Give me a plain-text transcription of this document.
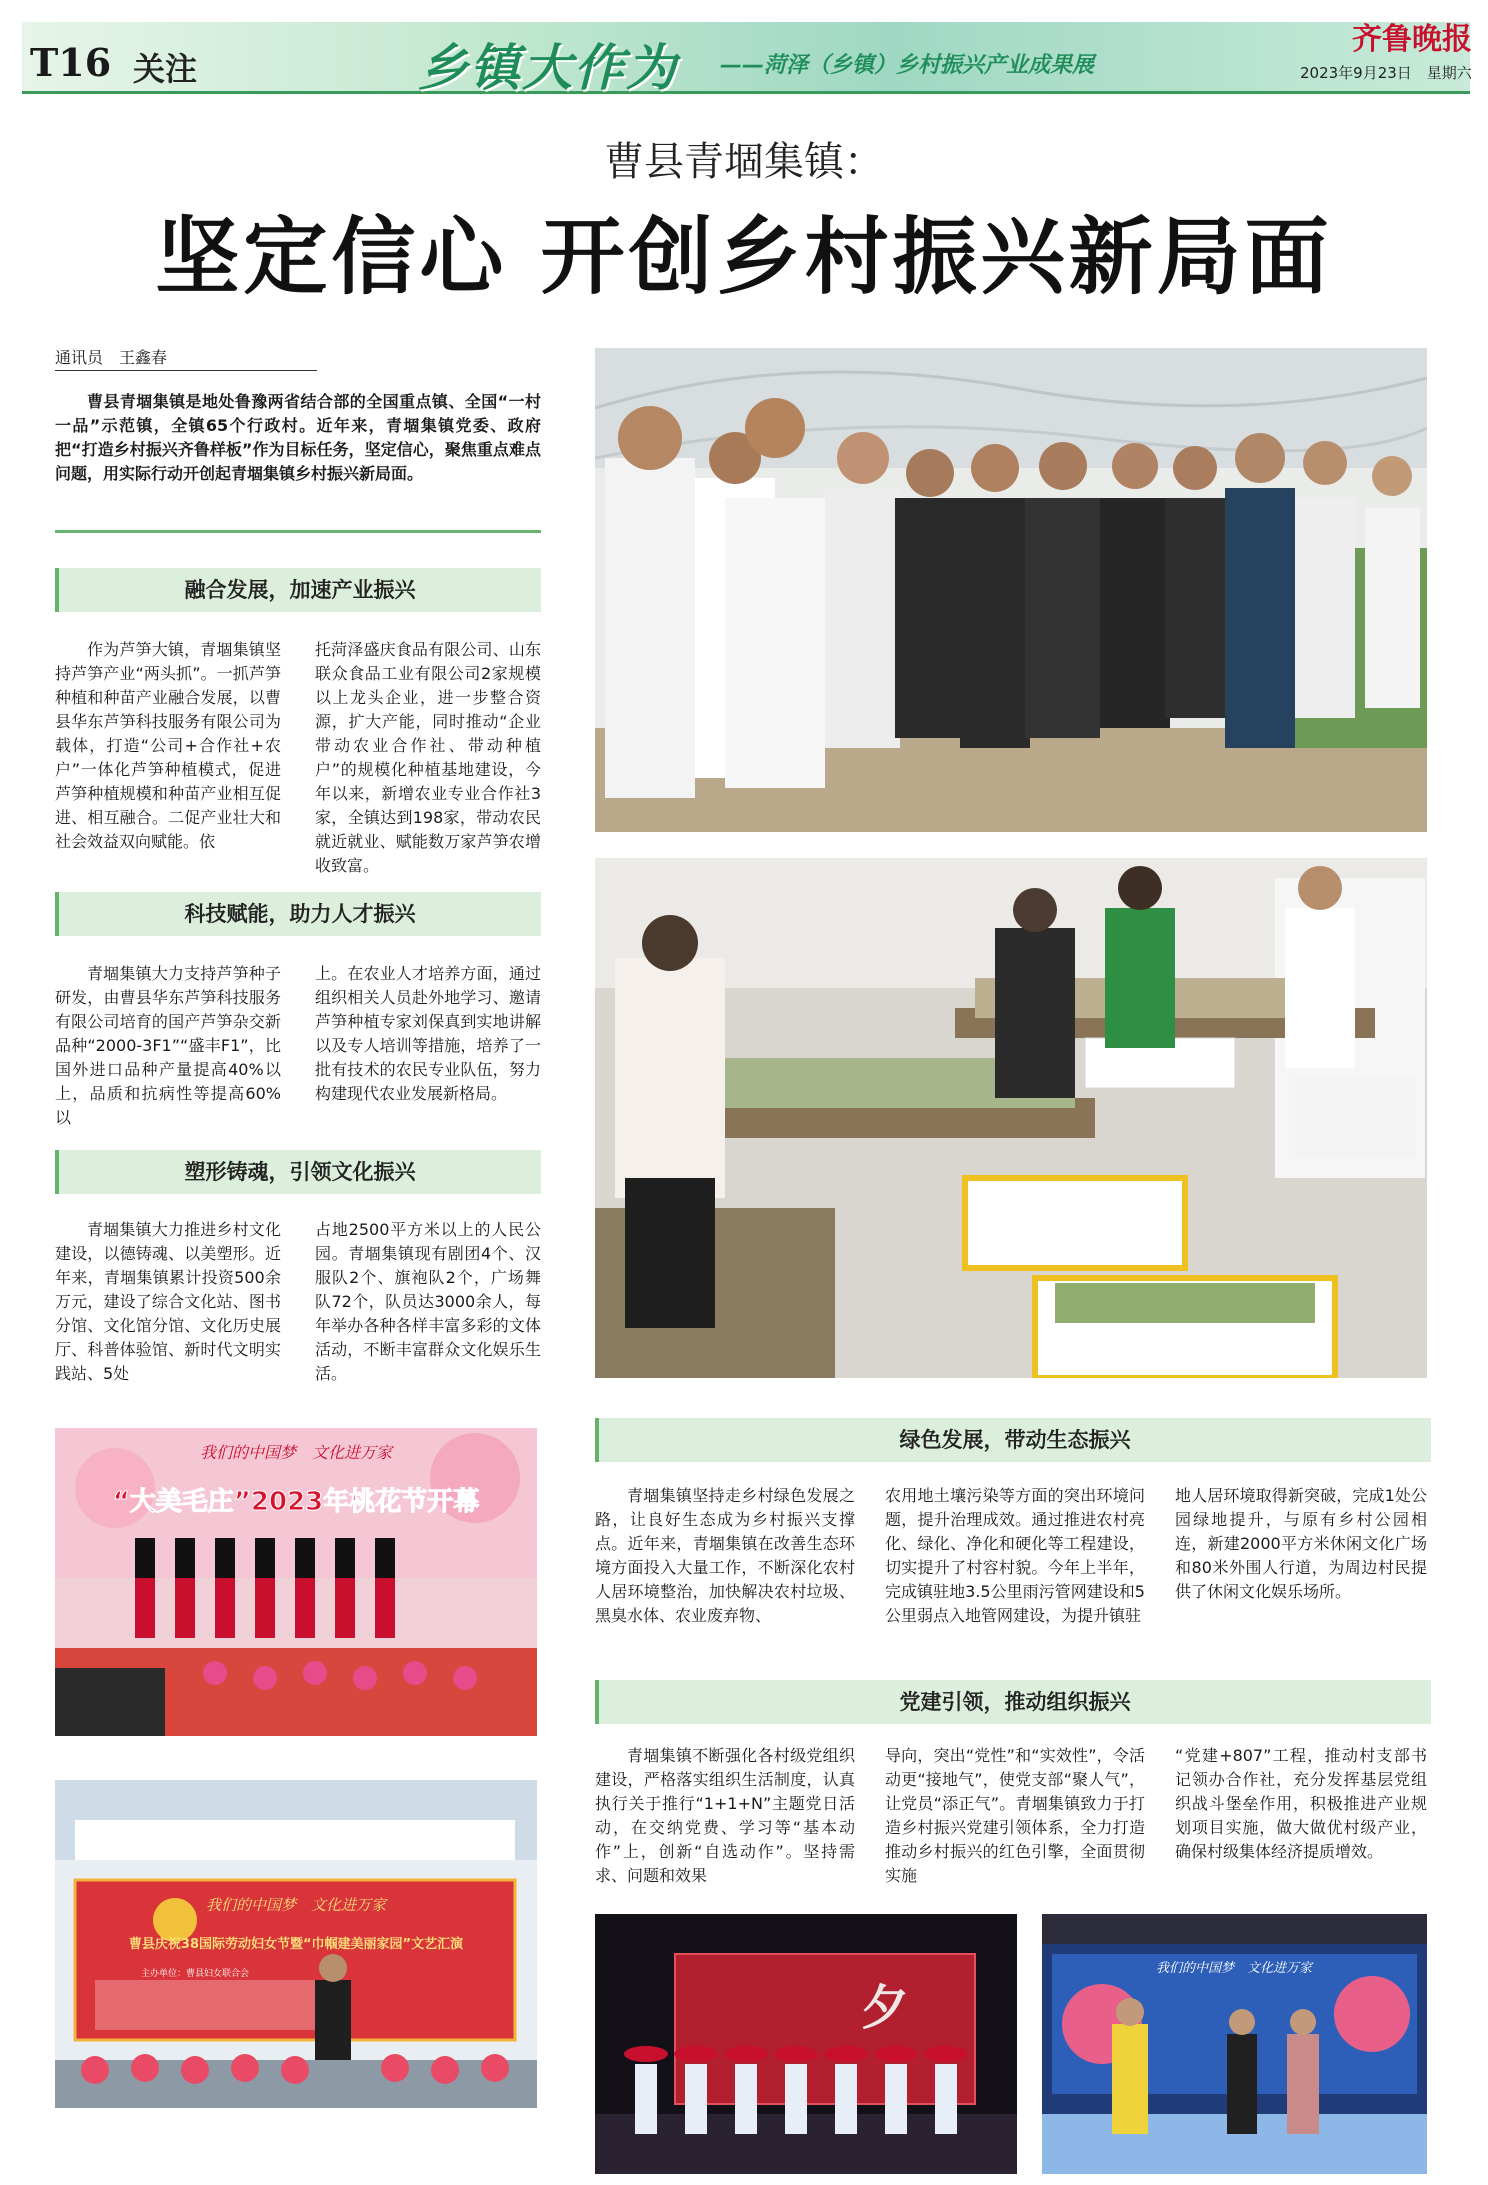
T16 关注	乡镇大作为 ——菏泽（乡镇）乡村振兴产业成果展
齐鲁晚报
2023年9月23日　星期六
曹县青堌集镇：
坚定信心 开创乡村振兴新局面
通讯员　王鑫春

曹县青堌集镇是地处鲁豫两省结合部的全国重点镇、全国“一村一品”示范镇，全镇65个行政村。近年来，青堌集镇党委、政府把“打造乡村振兴齐鲁样板”作为目标任务，坚定信心，聚焦重点难点问题，用实际行动开创起青堌集镇乡村振兴新局面。

融合发展，加速产业振兴

作为芦笋大镇，青堌集镇坚持芦笋产业“两头抓”。一抓芦笋种植和种苗产业融合发展，以曹县华东芦笋科技服务有限公司为载体，打造“公司+合作社+农户”一体化芦笋种植模式，促进芦笋种植规模和种苗产业相互促进、相互融合。二促产业壮大和社会效益双向赋能。依

托菏泽盛庆食品有限公司、山东联众食品工业有限公司2家规模以上龙头企业，进一步整合资源，扩大产能，同时推动“企业带动农业合作社、带动种植户”的规模化种植基地建设，今年以来，新增农业专业合作社3家，全镇达到198家，带动农民就近就业、赋能数万家芦笋农增收致富。

科技赋能，助力人才振兴

青堌集镇大力支持芦笋种子研发，由曹县华东芦笋科技服务有限公司培育的国产芦笋杂交新品种“2000-3F1”“盛丰F1”，比国外进口品种产量提高40%以上，品质和抗病性等提高60%以

上。在农业人才培养方面，通过组织相关人员赴外地学习、邀请芦笋种植专家刘保真到实地讲解以及专人培训等措施，培养了一批有技术的农民专业队伍，努力构建现代农业发展新格局。

塑形铸魂，引领文化振兴

青堌集镇大力推进乡村文化建设，以德铸魂、以美塑形。近年来，青堌集镇累计投资500余万元，建设了综合文化站、图书分馆、文化馆分馆、文化历史展厅、科普体验馆、新时代文明实践站、5处

占地2500平方米以上的人民公园。青堌集镇现有剧团4个、汉服队2个、旗袍队2个，广场舞队72个，队员达3000余人，每年举办各种各样丰富多彩的文体活动，不断丰富群众文化娱乐生活。

绿色发展，带动生态振兴

青堌集镇坚持走乡村绿色发展之路，让良好生态成为乡村振兴支撑点。近年来，青堌集镇在改善生态环境方面投入大量工作，不断深化农村人居环境整治，加快解决农村垃圾、黑臭水体、农业废弃物、

农用地土壤污染等方面的突出环境问题，提升治理成效。通过推进农村亮化、绿化、净化和硬化等工程建设，切实提升了村容村貌。今年上半年，完成镇驻地3.5公里雨污管网建设和5公里弱点入地管网建设，为提升镇驻

地人居环境取得新突破，完成1处公园绿地提升，与原有乡村公园相连，新建2000平方米休闲文化广场和80米外围人行道，为周边村民提供了休闲文化娱乐场所。

党建引领，推动组织振兴

青堌集镇不断强化各村级党组织建设，严格落实组织生活制度，认真执行关于推行“1+1+N”主题党日活动，在交纳党费、学习等“基本动作”上，创新“自选动作”。坚持需求、问题和效果

导向，突出“党性”和“实效性”，令活动更“接地气”，使党支部“聚人气”，让党员“添正气”。青堌集镇致力于打造乡村振兴党建引领体系，全力打造推动乡村振兴的红色引擎，全面贯彻实施

“党建+807”工程，推动村支部书记领办合作社，充分发挥基层党组织战斗堡垒作用，积极推进产业规划项目实施，做大做优村级产业，确保村级集体经济提质增效。

我们的中国梦　文化进万家
“大美毛庄”2023年桃花节开幕
我们的中国梦　文化进万家
曹县庆祝38国际劳动妇女节暨“巾帼建美丽家园”文艺汇演
主办单位：曹县妇女联合会
夕
我们的中国梦　文化进万家
